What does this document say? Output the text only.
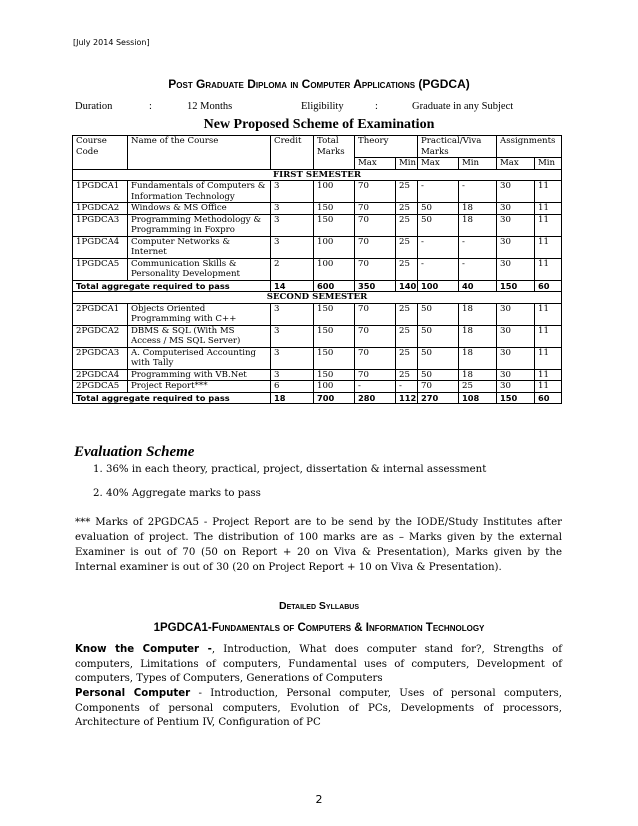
[July 2014 Session]
Post Graduate Diploma in Computer Applications (PGDCA)
Duration	:	12 Months	Eligibility	:	Graduate in any Subject
New Proposed Scheme of Examination
Course Code	Name of the Course	Credit	Total Marks	Theory		Practical/Viva Marks		Assignments	
				Max	Min	Max	Min	Max	Min
FIRST SEMESTER									
1PGDCA1	Fundamentals of Computers & Information Technology	3	100	70	25	-	-	30	11
1PGDCA2	Windows & MS Office	3	150	70	25	50	18	30	11
1PGDCA3	Programming Methodology & Programming in Foxpro	3	150	70	25	50	18	30	11
1PGDCA4	Computer Networks & Internet	3	100	70	25	-	-	30	11
1PGDCA5	Communication Skills & Personality Development	2	100	70	25	-	-	30	11
Total aggregate required to pass		14	600	350	140	100	40	150	60
SECOND SEMESTER									
2PGDCA1	Objects Oriented Programming with C++	3	150	70	25	50	18	30	11
2PGDCA2	DBMS & SQL (With MS Access / MS SQL Server)	3	150	70	25	50	18	30	11
2PGDCA3	A. Computerised Accounting with Tally	3	150	70	25	50	18	30	11
2PGDCA4	Programming with VB.Net	3	150	70	25	50	18	30	11
2PGDCA5	Project Report***	6	100	-	-	70	25	30	11
Total aggregate required to pass		18	700	280	112	270	108	150	60
Evaluation Scheme
1. 36% in each theory, practical, project, dissertation & internal assessment
2. 40% Aggregate marks to pass
*** Marks of 2PGDCA5 - Project Report are to be send by the IODE/Study Institutes after evaluation of project. The distribution of 100 marks are as – Marks given by the external Examiner is out of 70 (50 on Report + 20 on Viva & Presentation), Marks given by the Internal examiner is out of 30 (20 on Project Report + 10 on Viva & Presentation).
Detailed Syllabus
1PGDCA1-Fundamentals of Computers & Information Technology
Know the Computer -, Introduction, What does computer stand for?, Strengths of computers, Limitations of computers, Fundamental uses of computers, Development of computers, Types of Computers, Generations of Computers
Personal Computer - Introduction, Personal computer, Uses of personal computers, Components of personal computers, Evolution of PCs, Developments of processors, Architecture of Pentium IV, Configuration of PC
2
